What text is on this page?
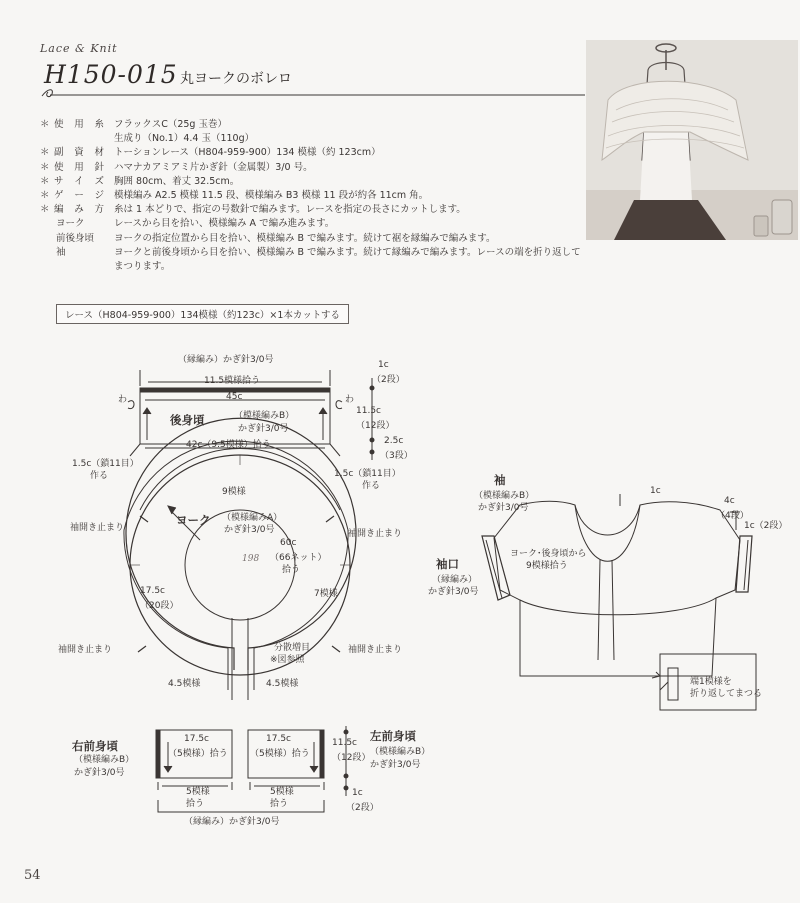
Lace & Knit
H150-015 丸ヨークのボレロ
＊ 使用糸	フラックスC（25g 玉巻）
生成り（No.1）4.4 玉（110g）
＊ 副資材	トーションレース（H804-959-900）134 模様（約 123cm）
＊ 使用針	ハマナカアミアミ片かぎ針（金属製）3/0 号。
＊ サイズ	胸囲 80cm、着丈 32.5cm。
＊ ゲージ	模様編み A2.5 模様 11.5 段、模様編み B3 模様 11 段が約各 11cm 角。
＊ 編み方	糸は 1 本どりで、指定の号数針で編みます。レースを指定の長さにカットします。
ヨーク	レースから目を拾い、模様編み A で編み進みます。
前後身頃	ヨークの指定位置から目を拾い、模様編み B で編みます。続けて裾を縁編みで編みます。
袖	ヨークと前後身頃から目を拾い、模様編み B で編みます。続けて縁編みで編みます。レースの端を折り返して
まつります。
レース（H804-959-900）134模様（約123c）×1本カットする
（縁編み）かぎ針3/0号
11.5模様拾う
45c
後身頃	（模様編みB）
かぎ針3/0号
42c（9.5模様）拾う
わ	わ
1.5c（鎖11目）
作る	1.5c（鎖11目）
作る
1c
（2段）
11.5c
（12段）
2.5c
（3段）
9模様
ヨーク （模様編みA）
かぎ針3/0号
60c
（66ネット）
拾う
198
17.5c
（20段）
7模様
分散増目
※図参照
4.5模様	4.5模様
袖開き止まり
袖開き止まり
袖開き止まり	袖開き止まり
右前身頃
（模様編みB）
かぎ針3/0号
17.5c
（5模様）拾う
5模様
拾う
左前身頃
（模様編みB）
かぎ針3/0号
17.5c
（5模様）拾う
5模様
拾う
11.5c
（12段）
1c
（2段）
（縁編み）かぎ針3/0号
袖
（模様編みB）
かぎ針3/0号
袖口
（縁編み）
かぎ針3/0号
ヨーク･後身頃から
9模様拾う
1c
4c
（4段）
1c（2段）
端1模様を
折り返してまつる
54
